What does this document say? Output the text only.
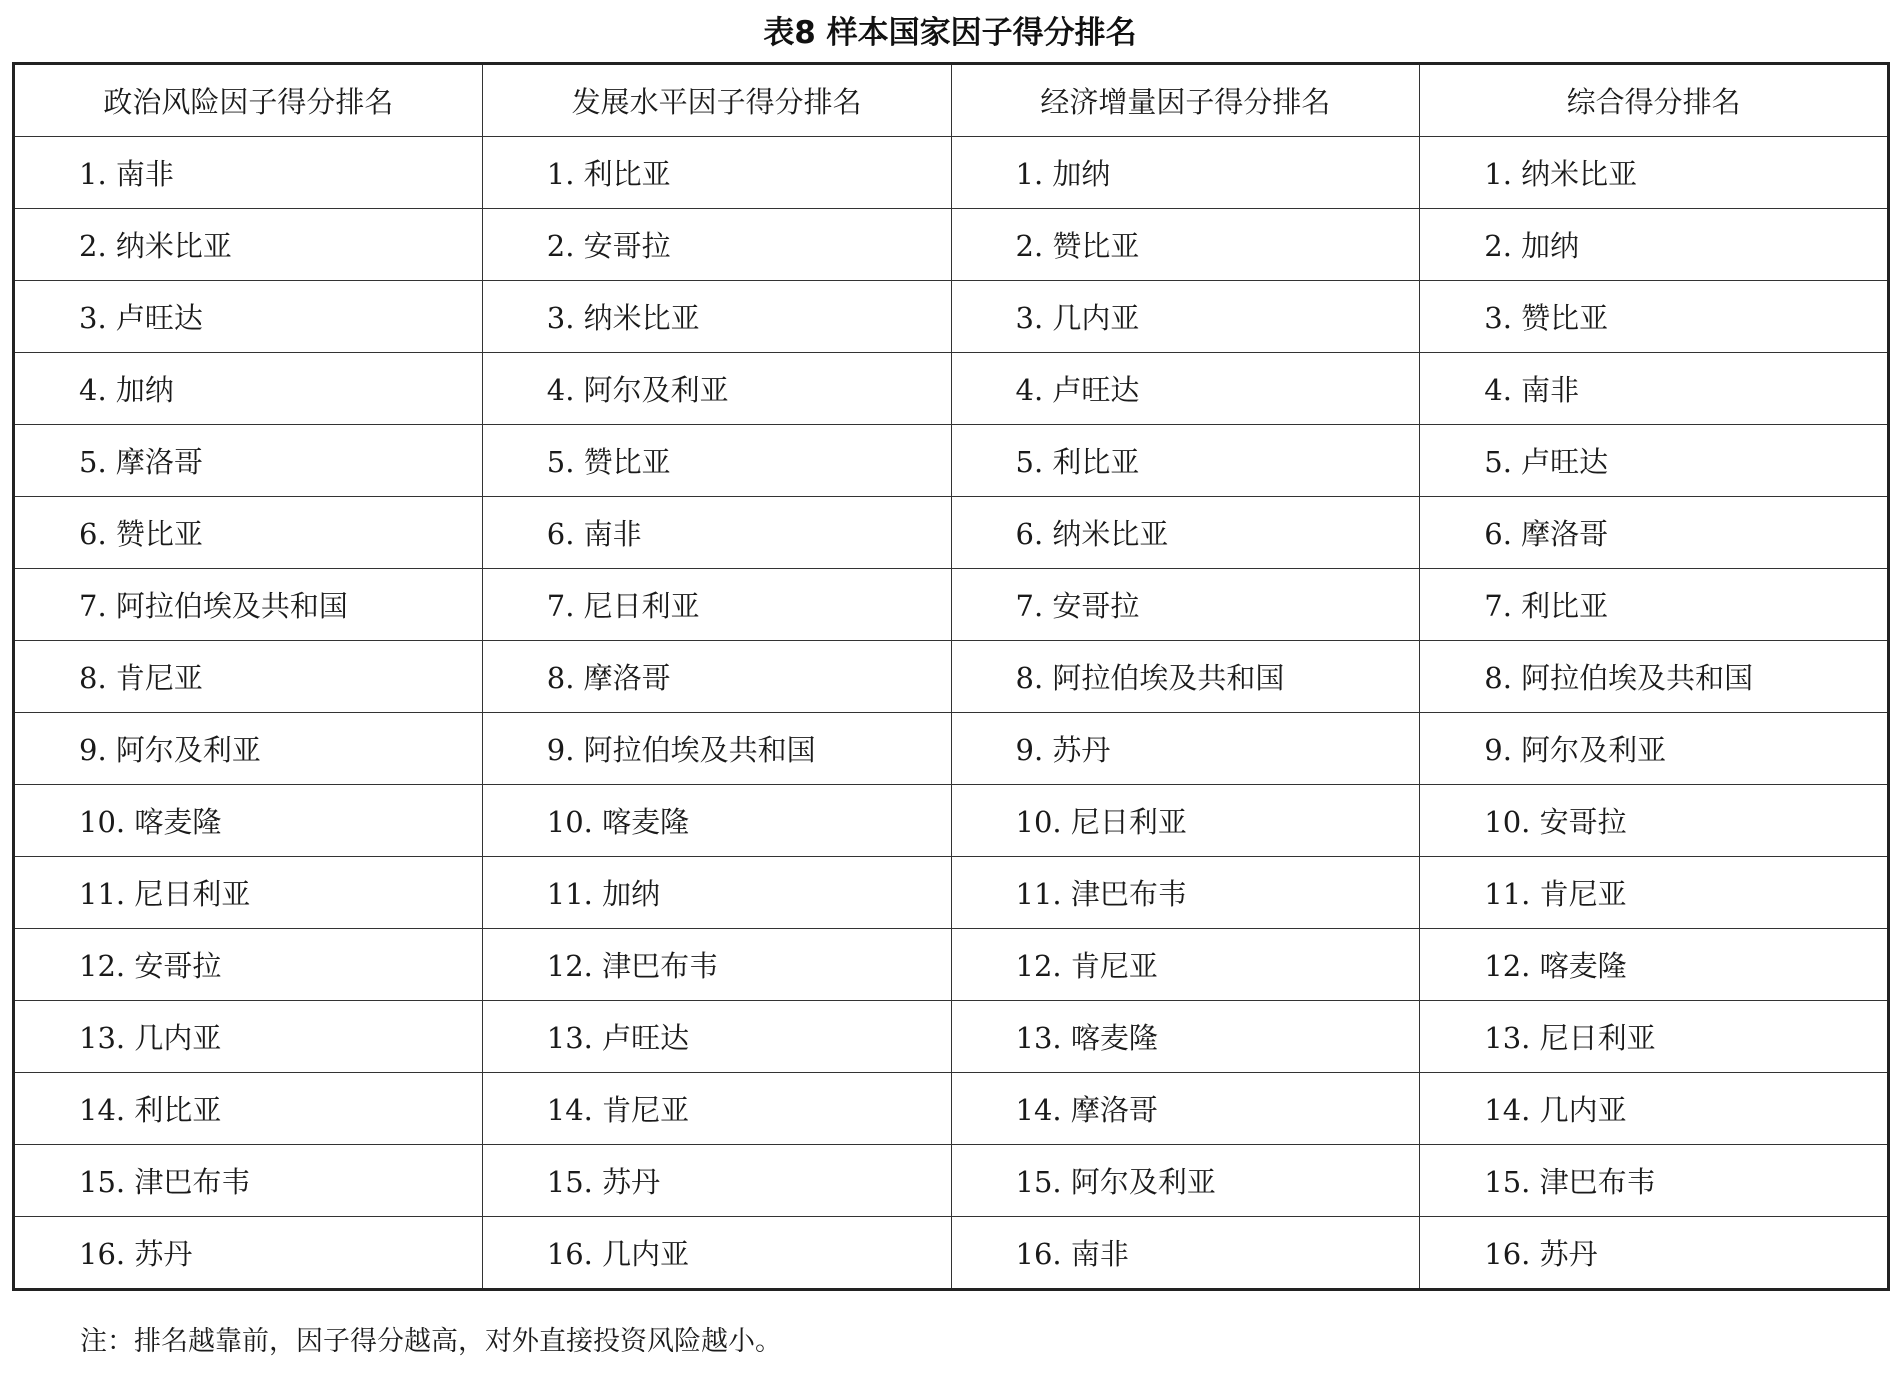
表8 样本国家因子得分排名
政治风险因子得分排名	发展水平因子得分排名	经济增量因子得分排名	综合得分排名
1. 南非	1. 利比亚	1. 加纳	1. 纳米比亚
2. 纳米比亚	2. 安哥拉	2. 赞比亚	2. 加纳
3. 卢旺达	3. 纳米比亚	3. 几内亚	3. 赞比亚
4. 加纳	4. 阿尔及利亚	4. 卢旺达	4. 南非
5. 摩洛哥	5. 赞比亚	5. 利比亚	5. 卢旺达
6. 赞比亚	6. 南非	6. 纳米比亚	6. 摩洛哥
7. 阿拉伯埃及共和国	7. 尼日利亚	7. 安哥拉	7. 利比亚
8. 肯尼亚	8. 摩洛哥	8. 阿拉伯埃及共和国	8. 阿拉伯埃及共和国
9. 阿尔及利亚	9. 阿拉伯埃及共和国	9. 苏丹	9. 阿尔及利亚
10. 喀麦隆	10. 喀麦隆	10. 尼日利亚	10. 安哥拉
11. 尼日利亚	11. 加纳	11. 津巴布韦	11. 肯尼亚
12. 安哥拉	12. 津巴布韦	12. 肯尼亚	12. 喀麦隆
13. 几内亚	13. 卢旺达	13. 喀麦隆	13. 尼日利亚
14. 利比亚	14. 肯尼亚	14. 摩洛哥	14. 几内亚
15. 津巴布韦	15. 苏丹	15. 阿尔及利亚	15. 津巴布韦
16. 苏丹	16. 几内亚	16. 南非	16. 苏丹
注：排名越靠前，因子得分越高，对外直接投资风险越小。
